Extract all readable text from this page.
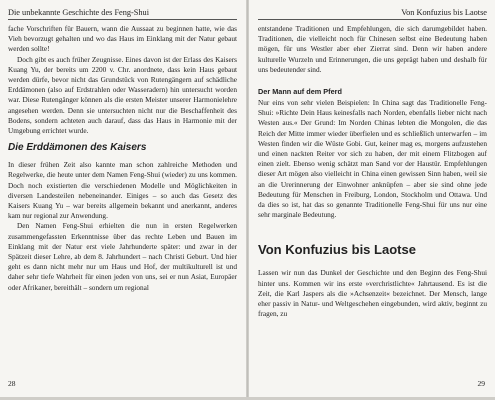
Die unbekannte Geschichte des Feng-Shui

fache Vorschriften für Bauern, wann die Aussaat zu beginnen hatte, wie das Vieh bevorzugt gehalten und wo das Haus im Einklang mit der Natur gebaut werden sollte!

Doch gibt es auch früher Zeugnisse. Eines davon ist der Erlass des Kaisers Kuang Yu, der bereits um 2200 v. Chr. anordnete, dass kein Haus gebaut werden dürfe, bevor nicht das Grundstück von Rutengängern auf schädliche Erddämonen (also auf Erdstrahlen oder Wasseradern) hin untersucht worden war. Diese Rutengänger können als die ersten Meister unserer Harmonielehre angesehen werden. Denn sie untersuchten nicht nur die Beschaffenheit des Bodens, sondern achteten auch darauf, dass das Haus in Harmonie mit der Umgebung errichtet wurde.

Die Erddämonen des Kaisers

In dieser frühen Zeit also kannte man schon zahlreiche Methoden und Regelwerke, die heute unter dem Namen Feng-Shui (wieder) zu uns kommen. Doch noch existierten die verschiedenen Modelle und Möglichkeiten in diversen Landesteilen nebeneinander. Einiges – so auch das Gesetz des Kaisers Kuang Yu – war bereits allgemein bekannt und anerkannt, anderes kam nur regional zur Anwendung.

Den Namen Feng-Shui erhielten die nun in ersten Regelwerken zusammengefassten Erkenntnisse über das rechte Leben und Bauen im Einklang mit der Natur erst viele Jahrhunderte später: und zwar in der Spätzeit dieser Lehre, ab dem 8. Jahrhundert – nach Christi Geburt. Und hier geht es dann nicht mehr nur um Haus und Hof, der multikulturell ist und daher sehr tiefe Wahrheit für einen jeden von uns, sei er nun Asiat, Europäer oder Afrikaner, bereithält – sondern um regional

28
Von Konfuzius bis Laotse

entstandene Traditionen und Empfehlungen, die sich darumgebildet haben. Traditionen, die vielleicht noch für Chinesen selbst eine Bedeutung haben mögen, für uns Westler aber eher Zierrat sind. Denn wir haben andere kulturelle Wurzeln und Erinnerungen, die uns geprägt haben und deshalb für uns bedeutender sind.

Der Mann auf dem Pferd

Nur eins von sehr vielen Beispielen: In China sagt das Traditionelle Feng-Shui: »Richte Dein Haus keinesfalls nach Norden, ebenfalls lieber nicht nach Westen aus.« Der Grund: Im Norden Chinas lebten die Mongolen, die das Reich der Mitte immer wieder überfielen und es schließlich unterwarfen – im Westen finden wir die Wüste Gobi. Gut, keiner mag es, morgens aufzustehen und einen nackten Reiter vor sich zu haben, der mit einem Flitzbogen auf einen zielt. Ebenso wenig schätzt man Sand vor der Haustür. Empfehlungen dieser Art mögen also vielleicht in China einen gewissen Sinn haben, weil sie an die Urerinnerung der Einwohner anknüpfen – aber sie sind ohne jede Bedeutung für Menschen in Freiburg, London, Stockholm und Ottawa. Und da dies so ist, hat das so genannte Traditionelle Feng-Shui für uns nur eine sehr marginale Bedeutung.

Von Konfuzius bis Laotse

Lassen wir nun das Dunkel der Geschichte und den Beginn des Feng-Shui hinter uns. Kommen wir ins erste »verchristlichte« Jahrtausend. Es ist die Zeit, die Karl Jaspers als die »Achsenzeit« bezeichnet. Der Mensch, lange eher passiv in Natur- und Weltgeschehen eingebunden, wird aktiv, beginnt zu fragen, zu

29
